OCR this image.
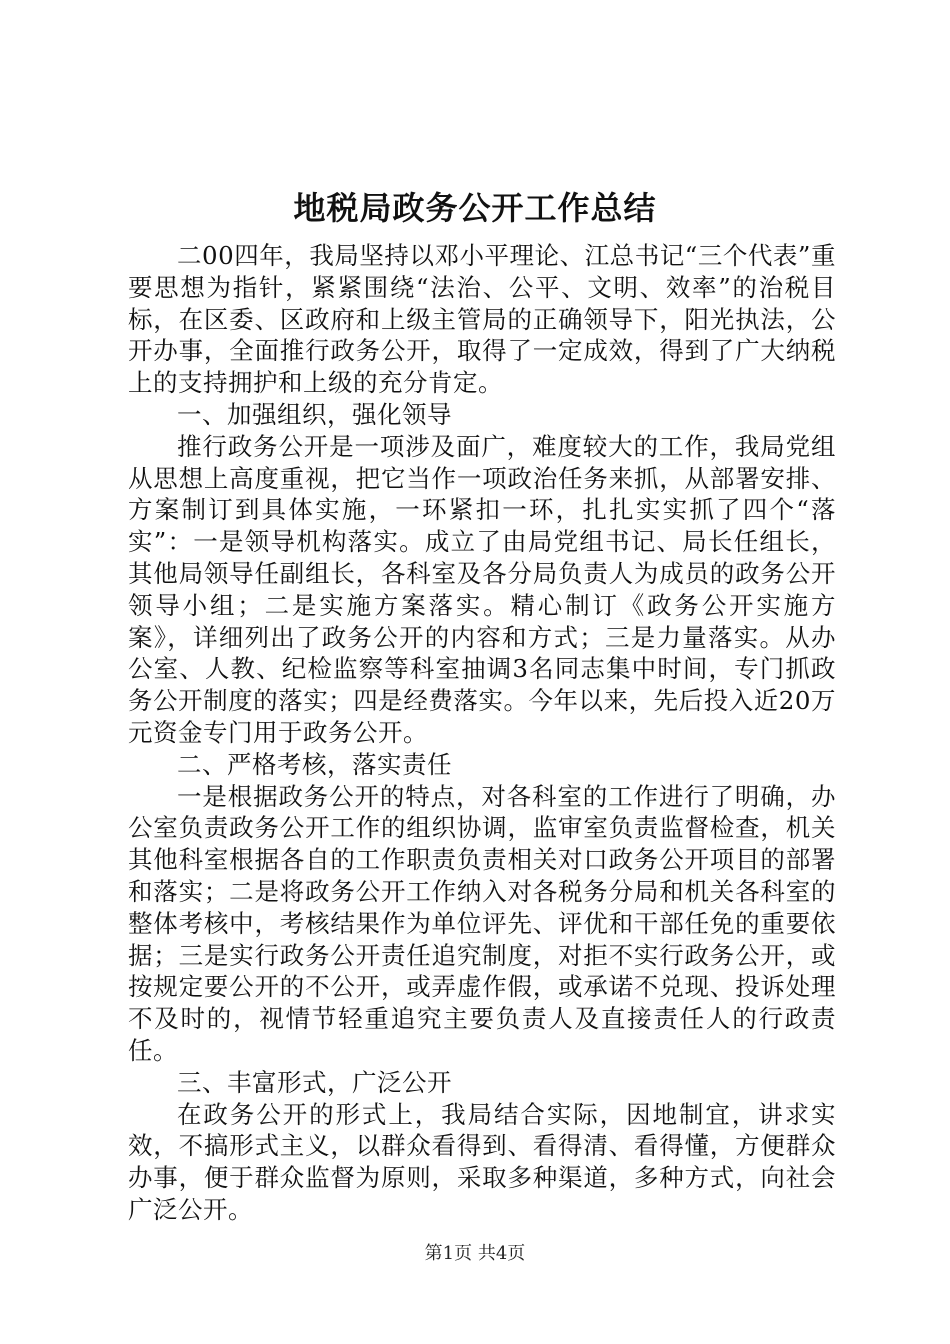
地税局政务公开工作总结

二00四年，我局坚持以邓小平理论、江总书记“三个代表”重要思想为指针，紧紧围绕“法治、公平、文明、效率”的治税目标，在区委、区政府和上级主管局的正确领导下，阳光执法，公开办事，全面推行政务公开，取得了一定成效，得到了广大纳税上的支持拥护和上级的充分肯定。

一、加强组织，强化领导

推行政务公开是一项涉及面广，难度较大的工作，我局党组从思想上高度重视，把它当作一项政治任务来抓，从部署安排、方案制订到具体实施，一环紧扣一环，扎扎实实抓了四个“落实”：一是领导机构落实。成立了由局党组书记、局长任组长，其他局领导任副组长，各科室及各分局负责人为成员的政务公开领导小组；二是实施方案落实。精心制订《政务公开实施方案》，详细列出了政务公开的内容和方式；三是力量落实。从办公室、人教、纪检监察等科室抽调3名同志集中时间，专门抓政务公开制度的落实；四是经费落实。今年以来，先后投入近20万元资金专门用于政务公开。

二、严格考核，落实责任

一是根据政务公开的特点，对各科室的工作进行了明确，办公室负责政务公开工作的组织协调，监审室负责监督检查，机关其他科室根据各自的工作职责负责相关对口政务公开项目的部署和落实；二是将政务公开工作纳入对各税务分局和机关各科室的整体考核中，考核结果作为单位评先、评优和干部任免的重要依据；三是实行政务公开责任追究制度，对拒不实行政务公开，或按规定要公开的不公开，或弄虚作假，或承诺不兑现、投诉处理不及时的，视情节轻重追究主要负责人及直接责任人的行政责任。

三、丰富形式，广泛公开

在政务公开的形式上，我局结合实际，因地制宜，讲求实效，不搞形式主义，以群众看得到、看得清、看得懂，方便群众办事，便于群众监督为原则，采取多种渠道，多种方式，向社会广泛公开。

第1页 共4页
